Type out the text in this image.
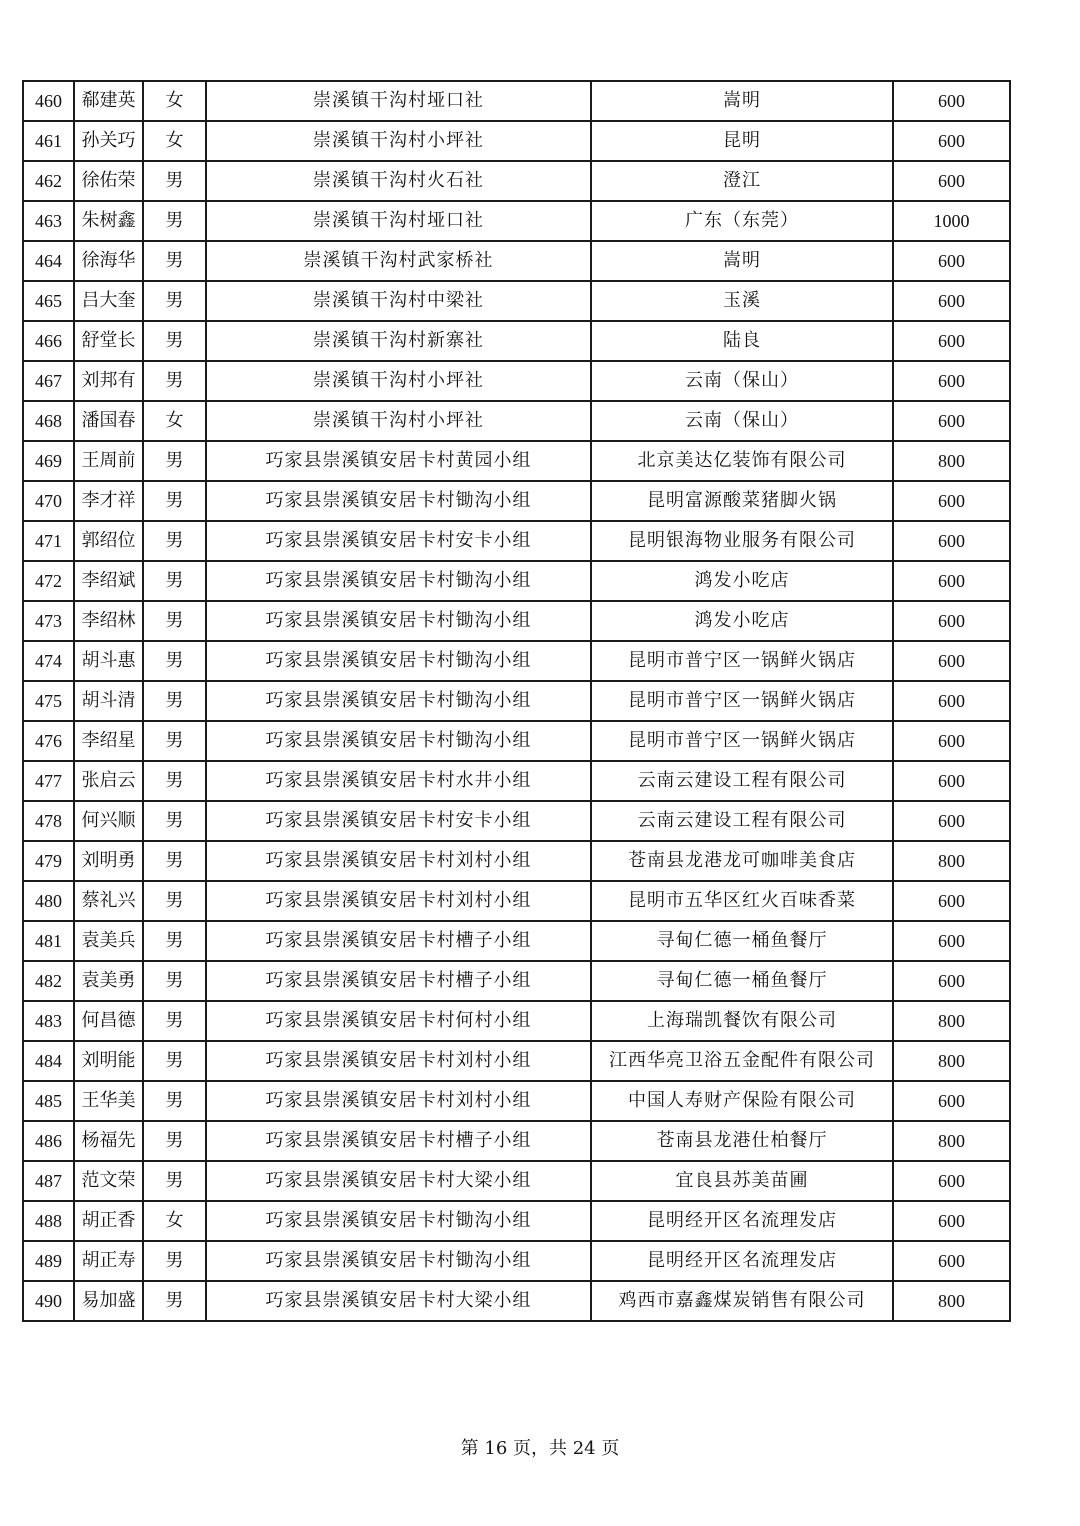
460	郗建英	女	崇溪镇干沟村垭口社	嵩明	600
461	孙关巧	女	崇溪镇干沟村小坪社	昆明	600
462	徐佑荣	男	崇溪镇干沟村火石社	澄江	600
463	朱树鑫	男	崇溪镇干沟村垭口社	广东（东莞）	1000
464	徐海华	男	崇溪镇干沟村武家桥社	嵩明	600
465	吕大奎	男	崇溪镇干沟村中梁社	玉溪	600
466	舒堂长	男	崇溪镇干沟村新寨社	陆良	600
467	刘邦有	男	崇溪镇干沟村小坪社	云南（保山）	600
468	潘国春	女	崇溪镇干沟村小坪社	云南（保山）	600
469	王周前	男	巧家县崇溪镇安居卡村黄园小组	北京美达亿装饰有限公司	800
470	李才祥	男	巧家县崇溪镇安居卡村锄沟小组	昆明富源酸菜猪脚火锅	600
471	郭绍位	男	巧家县崇溪镇安居卡村安卡小组	昆明银海物业服务有限公司	600
472	李绍斌	男	巧家县崇溪镇安居卡村锄沟小组	鸿发小吃店	600
473	李绍林	男	巧家县崇溪镇安居卡村锄沟小组	鸿发小吃店	600
474	胡斗惠	男	巧家县崇溪镇安居卡村锄沟小组	昆明市普宁区一锅鲜火锅店	600
475	胡斗清	男	巧家县崇溪镇安居卡村锄沟小组	昆明市普宁区一锅鲜火锅店	600
476	李绍星	男	巧家县崇溪镇安居卡村锄沟小组	昆明市普宁区一锅鲜火锅店	600
477	张启云	男	巧家县崇溪镇安居卡村水井小组	云南云建设工程有限公司	600
478	何兴顺	男	巧家县崇溪镇安居卡村安卡小组	云南云建设工程有限公司	600
479	刘明勇	男	巧家县崇溪镇安居卡村刘村小组	苍南县龙港龙可咖啡美食店	800
480	蔡礼兴	男	巧家县崇溪镇安居卡村刘村小组	昆明市五华区红火百味香菜	600
481	袁美兵	男	巧家县崇溪镇安居卡村槽子小组	寻甸仁德一桶鱼餐厅	600
482	袁美勇	男	巧家县崇溪镇安居卡村槽子小组	寻甸仁德一桶鱼餐厅	600
483	何昌德	男	巧家县崇溪镇安居卡村何村小组	上海瑞凯餐饮有限公司	800
484	刘明能	男	巧家县崇溪镇安居卡村刘村小组	江西华亮卫浴五金配件有限公司	800
485	王华美	男	巧家县崇溪镇安居卡村刘村小组	中国人寿财产保险有限公司	600
486	杨福先	男	巧家县崇溪镇安居卡村槽子小组	苍南县龙港仕柏餐厅	800
487	范文荣	男	巧家县崇溪镇安居卡村大梁小组	宜良县苏美苗圃	600
488	胡正香	女	巧家县崇溪镇安居卡村锄沟小组	昆明经开区名流理发店	600
489	胡正寿	男	巧家县崇溪镇安居卡村锄沟小组	昆明经开区名流理发店	600
490	易加盛	男	巧家县崇溪镇安居卡村大梁小组	鸡西市嘉鑫煤炭销售有限公司	800
第 16 页，共 24 页
